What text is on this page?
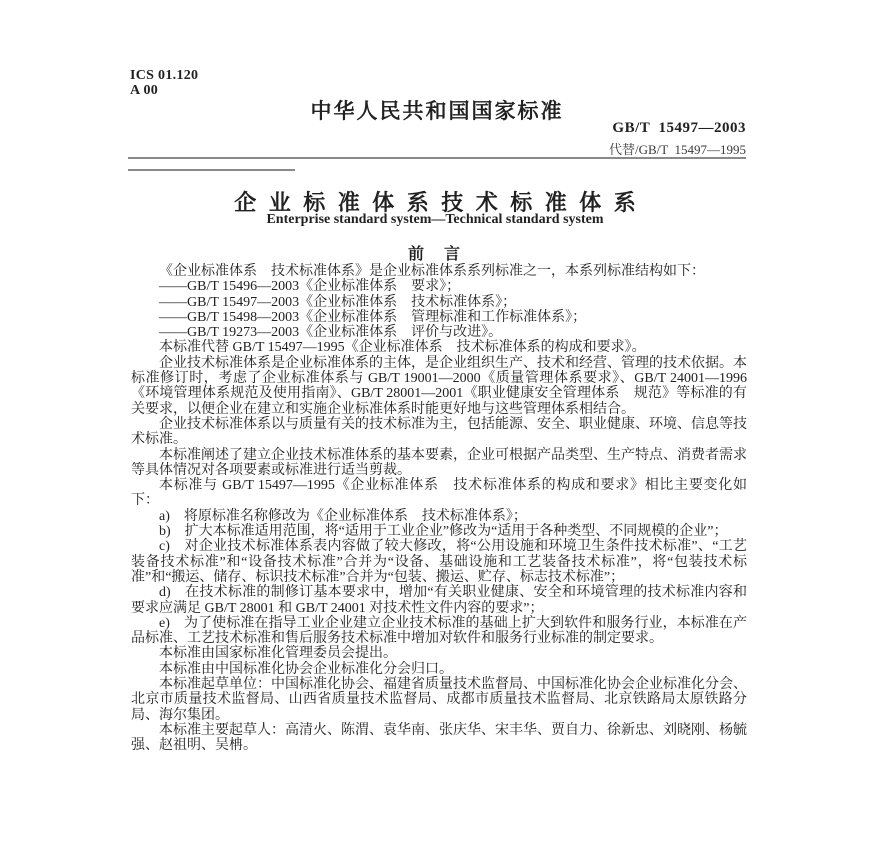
ICS 01.120
A 00
中华人民共和国国家标准
GB/T  15497—2003
代替/GB/T  15497—1995
企 业 标 准 体 系 技 术 标 准 体 系
Enterprise standard system—Technical standard system
前　言

《企业标准体系　技术标准体系》是企业标准体系系列标准之一，本系列标准结构如下：

——GB/T 15496—2003《企业标准体系　要求》；

——GB/T 15497—2003《企业标准体系　技术标准体系》；

——GB/T 15498—2003《企业标准体系　管理标准和工作标准体系》；

——GB/T 19273—2003《企业标准体系　评价与改进》。

本标准代替 GB/T 15497—1995《企业标准体系　技术标准体系的构成和要求》。

企业技术标准体系是企业标准体系的主体，是企业组织生产、技术和经营、管理的技术依据。本标准修订时，考虑了企业标准体系与 GB/T 19001—2000《质量管理体系要求》、GB/T 24001—1996《环境管理体系规范及使用指南》、GB/T 28001—2001《职业健康安全管理体系　规范》等标准的有关要求，以便企业在建立和实施企业标准体系时能更好地与这些管理体系相结合。

企业技术标准体系以与质量有关的技术标准为主，包括能源、安全、职业健康、环境、信息等技术标准。

本标准阐述了建立企业技术标准体系的基本要素，企业可根据产品类型、生产特点、消费者需求等具体情况对各项要素或标准进行适当剪裁。

本标准与 GB/T 15497—1995《企业标准体系　技术标准体系的构成和要求》相比主要变化如下：

a)　将原标准名称修改为《企业标准体系　技术标准体系》；

b)　扩大本标准适用范围，将“适用于工业企业”修改为“适用于各种类型、不同规模的企业”；

c)　对企业技术标准体系表内容做了较大修改，将“公用设施和环境卫生条件技术标准”、“工艺装备技术标准”和“设备技术标准”合并为“设备、基础设施和工艺装备技术标准”，将“包装技术标准”和“搬运、储存、标识技术标准”合并为“包装、搬运、贮存、标志技术标准”；

d)　在技术标准的制修订基本要求中，增加“有关职业健康、安全和环境管理的技术标准内容和要求应满足 GB/T 28001 和 GB/T 24001 对技术性文件内容的要求”；

e)　为了使标准在指导工业企业建立企业技术标准的基础上扩大到软件和服务行业，本标准在产品标准、工艺技术标准和售后服务技术标准中增加对软件和服务行业标准的制定要求。

本标准由国家标准化管理委员会提出。

本标准由中国标准化协会企业标准化分会归口。

本标准起草单位：中国标准化协会、福建省质量技术监督局、中国标准化协会企业标准化分会、北京市质量技术监督局、山西省质量技术监督局、成都市质量技术监督局、北京铁路局太原铁路分局、海尔集团。

本标准主要起草人：高清火、陈渭、袁华南、张庆华、宋丰华、贾自力、徐新忠、刘晓刚、杨毓强、赵祖明、吴柟。
